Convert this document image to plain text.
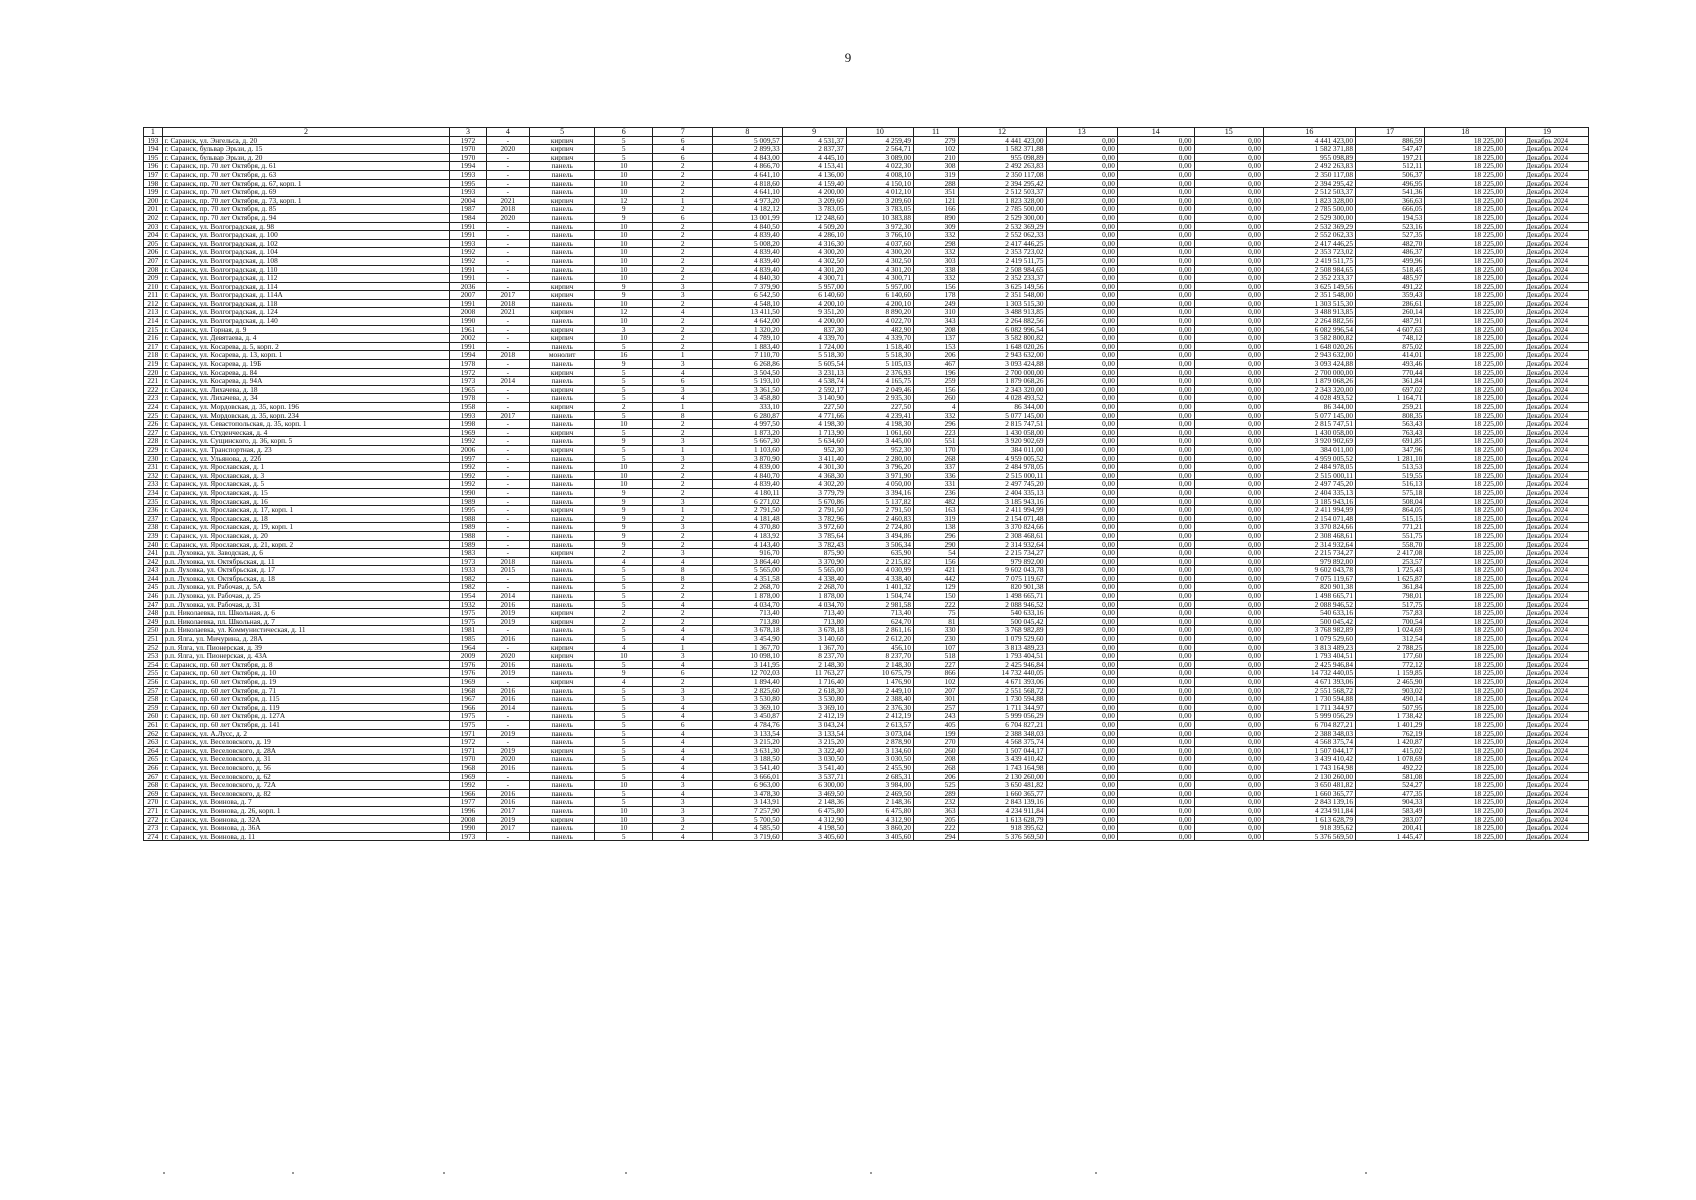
9
1	2	3	4	5	6	7	8	9	10	11	12	13	14	15	16	17	18	19
193	г. Саранск, ул. Энгельса, д. 20	1972	-	кирпич	5	6	5 009,57	4 531,37	4 259,49	279	4 441 423,00	0,00	0,00	0,00	4 441 423,00	886,59	18 225,00	Декабрь 2024
194	г. Саранск, бульвар Эрьзи, д. 15	1970	2020	кирпич	5	4	2 899,33	2 837,37	2 564,71	102	1 582 371,88	0,00	0,00	0,00	1 582 371,88	547,47	18 225,00	Декабрь 2024
195	г. Саранск, бульвар Эрьзи, д. 20	1970	-	кирпич	5	6	4 843,00	4 445,10	3 089,00	210	955 098,89	0,00	0,00	0,00	955 098,89	197,21	18 225,00	Декабрь 2024
196	г. Саранск, пр. 70 лет Октября, д. 61	1994	-	панель	10	2	4 866,70	4 153,41	4 022,30	308	2 492 263,83	0,00	0,00	0,00	2 492 263,83	512,11	18 225,00	Декабрь 2024
197	г. Саранск, пр. 70 лет Октября, д. 63	1993	-	панель	10	2	4 641,10	4 136,00	4 008,10	319	2 350 117,08	0,00	0,00	0,00	2 350 117,08	506,37	18 225,00	Декабрь 2024
198	г. Саранск, пр. 70 лет Октября, д. 67, корп. 1	1995	-	панель	10	2	4 818,60	4 159,40	4 150,10	288	2 394 295,42	0,00	0,00	0,00	2 394 295,42	496,95	18 225,00	Декабрь 2024
199	г. Саранск, пр. 70 лет Октября, д. 69	1993	-	панель	10	2	4 641,10	4 200,00	4 012,10	351	2 512 503,37	0,00	0,00	0,00	2 512 503,37	541,36	18 225,00	Декабрь 2024
200	г. Саранск, пр. 70 лет Октября, д. 73, корп. 1	2004	2021	кирпич	12	1	4 973,20	3 209,60	3 209,60	121	1 823 328,00	0,00	0,00	0,00	1 823 328,00	366,63	18 225,00	Декабрь 2024
201	г. Саранск, пр. 70 лет Октября, д. 85	1987	2018	панель	9	2	4 182,12	3 783,05	3 783,05	166	2 785 500,00	0,00	0,00	0,00	2 785 500,00	666,05	18 225,00	Декабрь 2024
202	г. Саранск, пр. 70 лет Октября, д. 94	1984	2020	панель	9	6	13 001,99	12 248,60	10 383,88	890	2 529 300,00	0,00	0,00	0,00	2 529 300,00	194,53	18 225,00	Декабрь 2024
203	г. Саранск, ул. Волгоградская, д. 98	1991	-	панель	10	2	4 840,50	4 509,20	3 972,30	309	2 532 369,29	0,00	0,00	0,00	2 532 369,29	523,16	18 225,00	Декабрь 2024
204	г. Саранск, ул. Волгоградская, д. 100	1991	-	панель	10	2	4 839,40	4 286,10	3 766,10	332	2 552 062,33	0,00	0,00	0,00	2 552 062,33	527,35	18 225,00	Декабрь 2024
205	г. Саранск, ул. Волгоградская, д. 102	1993	-	панель	10	2	5 008,20	4 316,30	4 037,60	298	2 417 446,25	0,00	0,00	0,00	2 417 446,25	482,70	18 225,00	Декабрь 2024
206	г. Саранск, ул. Волгоградская, д. 104	1992	-	панель	10	2	4 839,40	4 300,20	4 300,20	332	2 353 723,02	0,00	0,00	0,00	2 353 723,02	486,37	18 225,00	Декабрь 2024
207	г. Саранск, ул. Волгоградская, д. 108	1992	-	панель	10	2	4 839,40	4 302,50	4 302,50	303	2 419 511,75	0,00	0,00	0,00	2 419 511,75	499,96	18 225,00	Декабрь 2024
208	г. Саранск, ул. Волгоградская, д. 110	1991	-	панель	10	2	4 839,40	4 301,20	4 301,20	338	2 508 984,65	0,00	0,00	0,00	2 508 984,65	518,45	18 225,00	Декабрь 2024
209	г. Саранск, ул. Волгоградская, д. 112	1991	-	панель	10	2	4 840,30	4 300,71	4 300,71	332	2 352 233,37	0,00	0,00	0,00	2 352 233,37	485,97	18 225,00	Декабрь 2024
210	г. Саранск, ул. Волгоградская, д. 114	2036	-	кирпич	9	3	7 379,90	5 957,00	5 957,00	156	3 625 149,56	0,00	0,00	0,00	3 625 149,56	491,22	18 225,00	Декабрь 2024
211	г. Саранск, ул. Волгоградская, д. 114А	2007	2017	кирпич	9	3	6 542,50	6 140,60	6 140,60	178	2 351 548,00	0,00	0,00	0,00	2 351 548,00	359,43	18 225,00	Декабрь 2024
212	г. Саранск, ул. Волгоградская, д. 118	1991	2018	панель	10	2	4 548,10	4 200,10	4 200,10	249	1 303 515,30	0,00	0,00	0,00	1 303 515,30	286,61	18 225,00	Декабрь 2024
213	г. Саранск, ул. Волгоградская, д. 124	2008	2021	кирпич	12	4	13 411,50	9 351,20	8 890,20	310	3 488 913,85	0,00	0,00	0,00	3 488 913,85	260,14	18 225,00	Декабрь 2024
214	г. Саранск, ул. Волгоградская, д. 140	1990	-	панель	10	2	4 642,00	4 200,00	4 022,70	343	2 264 882,56	0,00	0,00	0,00	2 264 882,56	487,91	18 225,00	Декабрь 2024
215	г. Саранск, ул. Горная, д. 9	1961	-	кирпич	3	2	1 320,20	837,30	482,90	208	6 082 996,54	0,00	0,00	0,00	6 082 996,54	4 607,63	18 225,00	Декабрь 2024
216	г. Саранск, ул. Девятаева, д. 4	2002	-	кирпич	10	2	4 789,10	4 339,70	4 339,70	137	3 582 800,82	0,00	0,00	0,00	3 582 800,82	748,12	18 225,00	Декабрь 2024
217	г. Саранск, ул. Косарева, д. 5, корп. 2	1991	-	панель	5	2	1 883,40	1 724,00	1 518,40	153	1 648 020,26	0,00	0,00	0,00	1 648 020,26	875,02	18 225,00	Декабрь 2024
218	г. Саранск, ул. Косарева, д. 13, корп. 1	1994	2018	монолит	16	1	7 110,70	5 518,30	5 518,30	206	2 943 632,00	0,00	0,00	0,00	2 943 632,00	414,01	18 225,00	Декабрь 2024
219	г. Саранск, ул. Косарева, д. 19Б	1978	-	панель	9	3	6 268,86	5 605,54	5 105,03	467	3 093 424,88	0,00	0,00	0,00	3 093 424,88	493,46	18 225,00	Декабрь 2024
220	г. Саранск, ул. Косарева, д. 84	1972	-	кирпич	5	4	3 504,50	3 231,13	2 376,93	196	2 700 000,00	0,00	0,00	0,00	2 700 000,00	770,44	18 225,00	Декабрь 2024
221	г. Саранск, ул. Косарева, д. 94А	1973	2014	панель	5	6	5 193,10	4 538,74	4 165,75	259	1 879 068,26	0,00	0,00	0,00	1 879 068,26	361,84	18 225,00	Декабрь 2024
222	г. Саранск, ул. Лихачева, д. 18	1965	-	кирпич	5	3	3 361,50	2 592,17	2 049,46	156	2 343 320,00	0,00	0,00	0,00	2 343 320,00	697,02	18 225,00	Декабрь 2024
223	г. Саранск, ул. Лихачева, д. 34	1978	-	панель	5	4	3 458,80	3 140,90	2 935,30	260	4 028 493,52	0,00	0,00	0,00	4 028 493,52	1 164,71	18 225,00	Декабрь 2024
224	г. Саранск, ул. Мордовская, д. 35, корп. 196	1958	-	кирпич	2	1	333,10	227,50	227,50	4	86 344,00	0,00	0,00	0,00	86 344,00	259,21	18 225,00	Декабрь 2024
225	г. Саранск, ул. Мордовская, д. 35, корп. 234	1993	2017	панель	5	8	6 280,87	4 771,66	4 239,41	332	5 077 145,00	0,00	0,00	0,00	5 077 145,00	808,35	18 225,00	Декабрь 2024
226	г. Саранск, ул. Севастопольская, д. 35, корп. 1	1998	-	панель	10	2	4 997,50	4 198,30	4 198,30	296	2 815 747,51	0,00	0,00	0,00	2 815 747,51	563,43	18 225,00	Декабрь 2024
227	г. Саранск, ул. Студенческая, д. 4	1969	-	кирпич	5	2	1 873,20	1 713,90	1 061,60	223	1 430 058,00	0,00	0,00	0,00	1 430 058,00	763,43	18 225,00	Декабрь 2024
228	г. Саранск, ул. Сущинского, д. 36, корп. 5	1992	-	панель	9	3	5 667,30	5 634,60	3 445,00	551	3 920 902,69	0,00	0,00	0,00	3 920 902,69	691,85	18 225,00	Декабрь 2024
229	г. Саранск, ул. Транспортная, д. 23	2006	-	кирпич	5	1	1 103,60	952,30	952,30	170	384 011,00	0,00	0,00	0,00	384 011,00	347,96	18 225,00	Декабрь 2024
230	г. Саранск, ул. Ульянова, д. 22б	1997	-	панель	5	3	3 870,90	3 411,40	2 280,00	268	4 959 005,52	0,00	0,00	0,00	4 959 005,52	1 281,10	18 225,00	Декабрь 2024
231	г. Саранск, ул. Ярославская, д. 1	1992	-	панель	10	2	4 839,00	4 301,30	3 796,20	337	2 484 978,05	0,00	0,00	0,00	2 484 978,05	513,53	18 225,00	Декабрь 2024
232	г. Саранск, ул. Ярославская, д. 3	1992	-	панель	10	2	4 840,70	4 368,30	3 971,90	336	2 515 000,11	0,00	0,00	0,00	2 515 000,11	519,55	18 225,00	Декабрь 2024
233	г. Саранск, ул. Ярославская, д. 5	1992	-	панель	10	2	4 839,40	4 302,20	4 050,00	331	2 497 745,20	0,00	0,00	0,00	2 497 745,20	516,13	18 225,00	Декабрь 2024
234	г. Саранск, ул. Ярославская, д. 15	1990	-	панель	9	2	4 180,11	3 779,79	3 394,16	236	2 404 335,13	0,00	0,00	0,00	2 404 335,13	575,18	18 225,00	Декабрь 2024
235	г. Саранск, ул. Ярославская, д. 16	1989	-	панель	9	3	6 271,02	5 670,86	5 137,82	482	3 185 943,16	0,00	0,00	0,00	3 185 943,16	508,04	18 225,00	Декабрь 2024
236	г. Саранск, ул. Ярославская, д. 17, корп. 1	1995	-	кирпич	9	1	2 791,50	2 791,50	2 791,50	163	2 411 994,99	0,00	0,00	0,00	2 411 994,99	864,05	18 225,00	Декабрь 2024
237	г. Саранск, ул. Ярославская, д. 18	1988	-	панель	9	2	4 181,48	3 782,96	2 460,83	319	2 154 071,48	0,00	0,00	0,00	2 154 071,48	515,15	18 225,00	Декабрь 2024
238	г. Саранск, ул. Ярославская, д. 19, корп. 1	1989	-	панель	9	3	4 370,80	3 972,60	2 724,80	138	3 370 824,66	0,00	0,00	0,00	3 370 824,66	771,21	18 225,00	Декабрь 2024
239	г. Саранск, ул. Ярославская, д. 20	1988	-	панель	9	2	4 183,92	3 785,64	3 494,86	296	2 308 468,61	0,00	0,00	0,00	2 308 468,61	551,75	18 225,00	Декабрь 2024
240	г. Саранск, ул. Ярославская, д. 21, корп. 2	1989	-	панель	9	2	4 143,40	3 782,43	3 506,34	290	2 314 932,64	0,00	0,00	0,00	2 314 932,64	558,70	18 225,00	Декабрь 2024
241	р.п. Луховка, ул. Заводская, д. 6	1983	-	кирпич	2	3	916,70	875,90	635,90	54	2 215 734,27	0,00	0,00	0,00	2 215 734,27	2 417,08	18 225,00	Декабрь 2024
242	р.п. Луховка, ул. Октябрьская, д. 11	1973	2018	панель	4	4	3 864,40	3 370,90	2 215,82	156	979 892,00	0,00	0,00	0,00	979 892,00	253,57	18 225,00	Декабрь 2024
243	р.п. Луховка, ул. Октябрьская, д. 17	1933	2015	панель	5	8	5 565,00	5 565,00	4 030,99	421	9 602 043,78	0,00	0,00	0,00	9 602 043,78	1 725,43	18 225,00	Декабрь 2024
244	р.п. Луховка, ул. Октябрьская, д. 18	1982	-	панель	5	8	4 351,58	4 338,40	4 338,40	442	7 075 119,67	0,00	0,00	0,00	7 075 119,67	1 625,87	18 225,00	Декабрь 2024
245	р.п. Луховка, ул. Рабочая, д. 5А	1982	-	панель	5	2	2 268,70	2 268,70	1 401,32	129	820 901,38	0,00	0,00	0,00	820 901,38	361,84	18 225,00	Декабрь 2024
246	р.п. Луховка, ул. Рабочая, д. 25	1954	2014	панель	5	2	1 878,00	1 878,00	1 504,74	150	1 498 665,71	0,00	0,00	0,00	1 498 665,71	798,01	18 225,00	Декабрь 2024
247	р.п. Луховка, ул. Рабочая, д. 31	1932	2016	панель	5	4	4 034,70	4 034,70	2 981,58	222	2 088 946,52	0,00	0,00	0,00	2 088 946,52	517,75	18 225,00	Декабрь 2024
248	р.п. Николаевка, пл. Школьная, д. 6	1975	2019	кирпич	2	2	713,40	713,40	713,40	75	540 633,16	0,00	0,00	0,00	540 633,16	757,83	18 225,00	Декабрь 2024
249	р.п. Николаевка, пл. Школьная, д. 7	1975	2019	кирпич	2	2	713,80	713,80	624,70	81	500 045,42	0,00	0,00	0,00	500 045,42	700,54	18 225,00	Декабрь 2024
250	р.п. Николаевка, ул. Коммунистическая, д. 11	1981	-	панель	5	4	3 678,18	3 678,18	2 861,16	330	3 768 982,89	0,00	0,00	0,00	3 768 982,89	1 024,69	18 225,00	Декабрь 2024
251	р.п. Ялга, ул. Мичурина, д. 28А	1985	2016	панель	5	4	3 454,90	3 140,60	2 612,20	230	1 079 529,60	0,00	0,00	0,00	1 079 529,60	312,54	18 225,00	Декабрь 2024
252	р.п. Ялга, ул. Пионерская, д. 39	1964	-	кирпич	4	1	1 367,70	1 367,70	456,10	107	3 813 489,23	0,00	0,00	0,00	3 813 489,23	2 788,25	18 225,00	Декабрь 2024
253	р.п. Ялга, ул. Пионерская, д. 43А	2009	2020	кирпич	10	3	10 098,10	8 237,70	8 237,70	518	1 793 404,51	0,00	0,00	0,00	1 793 404,51	177,60	18 225,00	Декабрь 2024
254	г. Саранск, пр. 60 лет Октября, д. 8	1976	2016	панель	5	4	3 141,95	2 148,30	2 148,30	227	2 425 946,84	0,00	0,00	0,00	2 425 946,84	772,12	18 225,00	Декабрь 2024
255	г. Саранск, пр. 60 лет Октября, д. 10	1976	2019	панель	9	6	12 702,03	11 763,27	10 675,79	866	14 732 440,05	0,00	0,00	0,00	14 732 440,05	1 159,85	18 225,00	Декабрь 2024
256	г. Саранск, пр. 60 лет Октября, д. 19	1969	-	кирпич	4	2	1 894,40	1 716,40	1 476,90	102	4 671 393,06	0,00	0,00	0,00	4 671 393,06	2 465,90	18 225,00	Декабрь 2024
257	г. Саранск, пр. 60 лет Октября, д. 71	1968	2016	панель	5	3	2 825,60	2 618,30	2 449,10	207	2 551 568,72	0,00	0,00	0,00	2 551 568,72	903,02	18 225,00	Декабрь 2024
258	г. Саранск, пр. 60 лет Октября, д. 115	1967	2016	панель	5	3	3 530,80	3 530,80	2 388,40	301	1 730 594,88	0,00	0,00	0,00	1 730 594,88	490,14	18 225,00	Декабрь 2024
259	г. Саранск, пр. 60 лет Октября, д. 119	1966	2014	панель	5	4	3 369,10	3 369,10	2 376,30	257	1 711 344,97	0,00	0,00	0,00	1 711 344,97	507,95	18 225,00	Декабрь 2024
260	г. Саранск, пр. 60 лет Октября, д. 127А	1975	-	панель	5	4	3 450,87	2 412,19	2 412,19	243	5 999 056,29	0,00	0,00	0,00	5 999 056,29	1 738,42	18 225,00	Декабрь 2024
261	г. Саранск, пр. 60 лет Октября, д. 141	1975	-	панель	5	6	4 784,76	3 043,24	2 613,57	405	6 704 827,21	0,00	0,00	0,00	6 704 827,21	1 401,29	18 225,00	Декабрь 2024
262	г. Саранск, ул. А.Лусс, д. 2	1971	2019	панель	5	4	3 133,54	3 133,54	3 073,04	199	2 388 348,03	0,00	0,00	0,00	2 388 348,03	762,19	18 225,00	Декабрь 2024
263	г. Саранск, ул. Веселовского, д. 19	1972	-	панель	5	4	3 215,20	3 215,20	2 878,90	270	4 568 375,74	0,00	0,00	0,00	4 568 375,74	1 420,87	18 225,00	Декабрь 2024
264	г. Саранск, ул. Веселовского, д. 28А	1971	2019	кирпич	5	4	3 631,30	3 322,40	3 134,60	260	1 507 044,17	0,00	0,00	0,00	1 507 044,17	415,02	18 225,00	Декабрь 2024
265	г. Саранск, ул. Веселовского, д. 31	1970	2020	панель	5	4	3 188,50	3 030,50	3 030,50	208	3 439 410,42	0,00	0,00	0,00	3 439 410,42	1 078,69	18 225,00	Декабрь 2024
266	г. Саранск, ул. Веселовского, д. 56	1968	2016	панель	5	4	3 541,40	3 541,40	2 455,90	268	1 743 164,98	0,00	0,00	0,00	1 743 164,98	492,22	18 225,00	Декабрь 2024
267	г. Саранск, ул. Веселовского, д. 62	1969	-	панель	5	4	3 666,01	3 537,71	2 685,31	206	2 130 260,00	0,00	0,00	0,00	2 130 260,00	581,08	18 225,00	Декабрь 2024
268	г. Саранск, ул. Веселовского, д. 72А	1992	-	панель	10	3	6 963,00	6 300,00	3 984,00	525	3 650 481,82	0,00	0,00	0,00	3 650 481,82	524,27	18 225,00	Декабрь 2024
269	г. Саранск, ул. Веселовского, д. 82	1966	2016	панель	5	4	3 478,30	3 469,50	2 469,50	289	1 660 365,77	0,00	0,00	0,00	1 660 365,77	477,35	18 225,00	Декабрь 2024
270	г. Саранск, ул. Воинова, д. 7	1977	2016	панель	5	3	3 143,91	2 148,36	2 148,36	232	2 843 139,16	0,00	0,00	0,00	2 843 139,16	904,33	18 225,00	Декабрь 2024
271	г. Саранск, ул. Воинова, д. 26, корп. 1	1996	2017	панель	10	3	7 257,90	6 475,80	6 475,80	363	4 234 911,84	0,00	0,00	0,00	4 234 911,84	583,49	18 225,00	Декабрь 2024
272	г. Саранск, ул. Воинова, д. 32А	2008	2019	кирпич	10	3	5 700,50	4 312,90	4 312,90	205	1 613 628,79	0,00	0,00	0,00	1 613 628,79	283,07	18 225,00	Декабрь 2024
273	г. Саранск, ул. Воинова, д. 36А	1990	2017	панель	10	2	4 585,50	4 198,50	3 860,20	222	918 395,62	0,00	0,00	0,00	918 395,62	200,41	18 225,00	Декабрь 2024
274	г. Саранск, ул. Воинова, д. 11	1973	-	панель	5	4	3 719,60	3 405,60	3 405,60	294	5 376 569,50	0,00	0,00	0,00	5 376 569,50	1 445,47	18 225,00	Декабрь 2024
